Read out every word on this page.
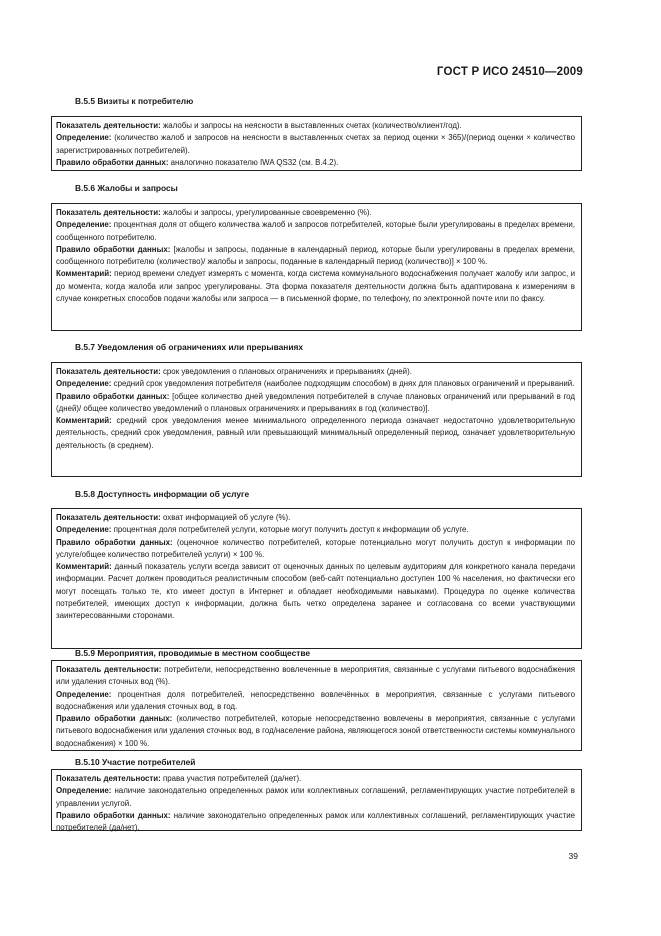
ГОСТ Р ИСО 24510—2009
В.5.5 Визиты к потребителю

Показатель деятельности: жалобы и запросы на неясности в выставленных счетах (количество/клиент/год).

Определение: (количество жалоб и запросов на неясности в выставленных счетах за период оценки × 365)/(период оценки × количество зарегистрированных потребителей).

Правило обработки данных: аналогично показателю IWA QS32 (см. В.4.2).

В.5.6 Жалобы и запросы

Показатель деятельности: жалобы и запросы, урегулированные своевременно (%).

Определение: процентная доля от общего количества жалоб и запросов потребителей, которые были урегулированы в пределах времени, сообщенного потребителю.

Правило обработки данных: [жалобы и запросы, поданные в календарный период, которые были урегулированы в пределах времени, сообщенного потребителю (количество)/ жалобы и запросы, поданные в календарный период (количество)] × 100 %.

Комментарий: период времени следует измерять с момента, когда система коммунального водоснабжения получает жалобу или запрос, и до момента, когда жалоба или запрос урегулированы. Эта форма показателя деятельности должна быть адаптирована к измерениям в случае конкретных способов подачи жалобы или запроса — в письменной форме, по телефону, по электронной почте или по факсу.

В.5.7 Уведомления об ограничениях или прерываниях

Показатель деятельности: срок уведомления о плановых ограничениях и прерываниях (дней).

Определение: средний срок уведомления потребителя (наиболее подходящим способом) в днях для плановых ограничений и прерываний.

Правило обработки данных: [общее количество дней уведомления потребителей в случае плановых ограничений или прерываний в год (дней)/ общее количество уведомлений о плановых ограничениях и прерываниях в год (количество)].

Комментарий: средний срок уведомления менее минимального определенного периода означает недостаточно удовлетворительную деятельность, средний срок уведомления, равный или превышающий минимальный определенный период, означает удовлетворительную деятельность (в среднем).

В.5.8 Доступность информации об услуге

Показатель деятельности: охват информацией об услуге (%).

Определение: процентная доля потребителей услуги, которые могут получить доступ к информации об услуге.

Правило обработки данных: (оценочное количество потребителей, которые потенциально могут получить доступ к информации по услуге/общее количество потребителей услуги) × 100 %.

Комментарий: данный показатель услуги всегда зависит от оценочных данных по целевым аудиториям для конкретного канала передачи информации. Расчет должен проводиться реалистичным способом (веб-сайт потенциально доступен 100 % населения, но фактически его могут посещать только те, кто имеет доступ в Интернет и обладает необходимыми навыками). Процедура по оценке количества потребителей, имеющих доступ к информации, должна быть четко определена заранее и согласована со всеми участвующими заинтересованными сторонами.

В.5.9 Мероприятия, проводимые в местном сообществе

Показатель деятельности: потребители, непосредственно вовлеченные в мероприятия, связанные с услугами питьевого водоснабжения или удаления сточных вод (%).

Определение: процентная доля потребителей, непосредственно вовлечённых в мероприятия, связанные с услугами питьевого водоснабжения или удаления сточных вод, в год.

Правило обработки данных: (количество потребителей, которые непосредственно вовлечены в мероприятия, связанные с услугами питьевого водоснабжения или удаления сточных вод, в год/население района, являющегося зоной ответственности системы коммунального водоснабжения) × 100 %.

В.5.10 Участие потребителей

Показатель деятельности: права участия потребителей (да/нет).

Определение: наличие законодательно определенных рамок или коллективных соглашений, регламентирующих участие потребителей в управлении услугой.

Правило обработки данных: наличие законодательно определенных рамок или коллективных соглашений, регламентирующих участие потребителей (да/нет).

39
